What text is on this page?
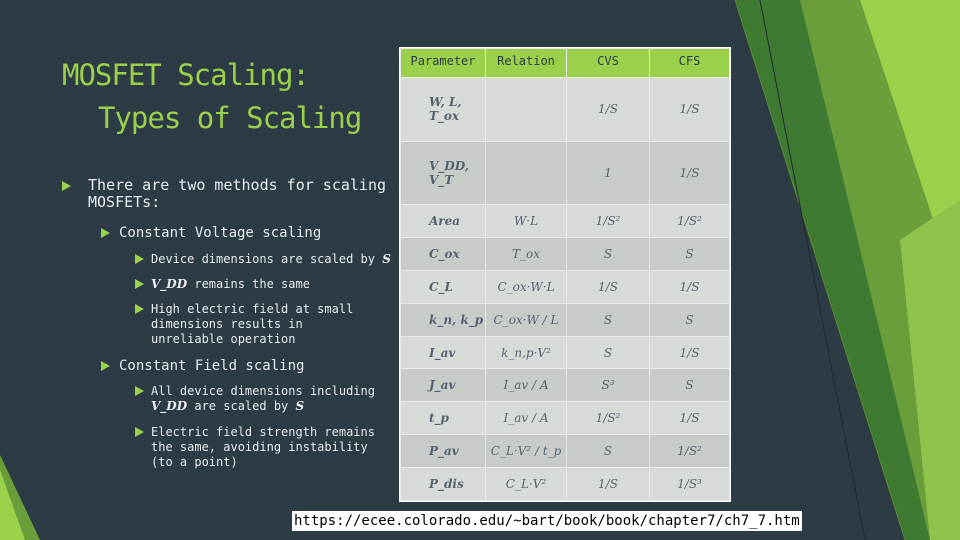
MOSFET Scaling:
Types of Scaling
There are two methods for scaling MOSFETs:
Constant Voltage scaling
Device dimensions are scaled by S
V_DD remains the same
High electric field at small dimensions results in unreliable operation
Constant Field scaling
All device dimensions including V_DD are scaled by S
Electric field strength remains the same, avoiding instability (to a point)
Parameter	Relation	CVS	CFS
W, L, T_ox		1/S	1/S
V_DD, V_T		1	1/S
Area	W·L	1/S²	1/S²
C_ox	T_ox	S	S
C_L	C_ox·W·L	1/S	1/S
k_n, k_p	C_ox·W / L	S	S
I_av	k_n,p·V²	S	1/S
J_av	I_av / A	S³	S
t_p	I_av / A	1/S²	1/S
P_av	C_L·V² / t_p	S	1/S²
P_dis	C_L·V²	1/S	1/S³
https://ecee.colorado.edu/~bart/book/book/chapter7/ch7_7.htm
